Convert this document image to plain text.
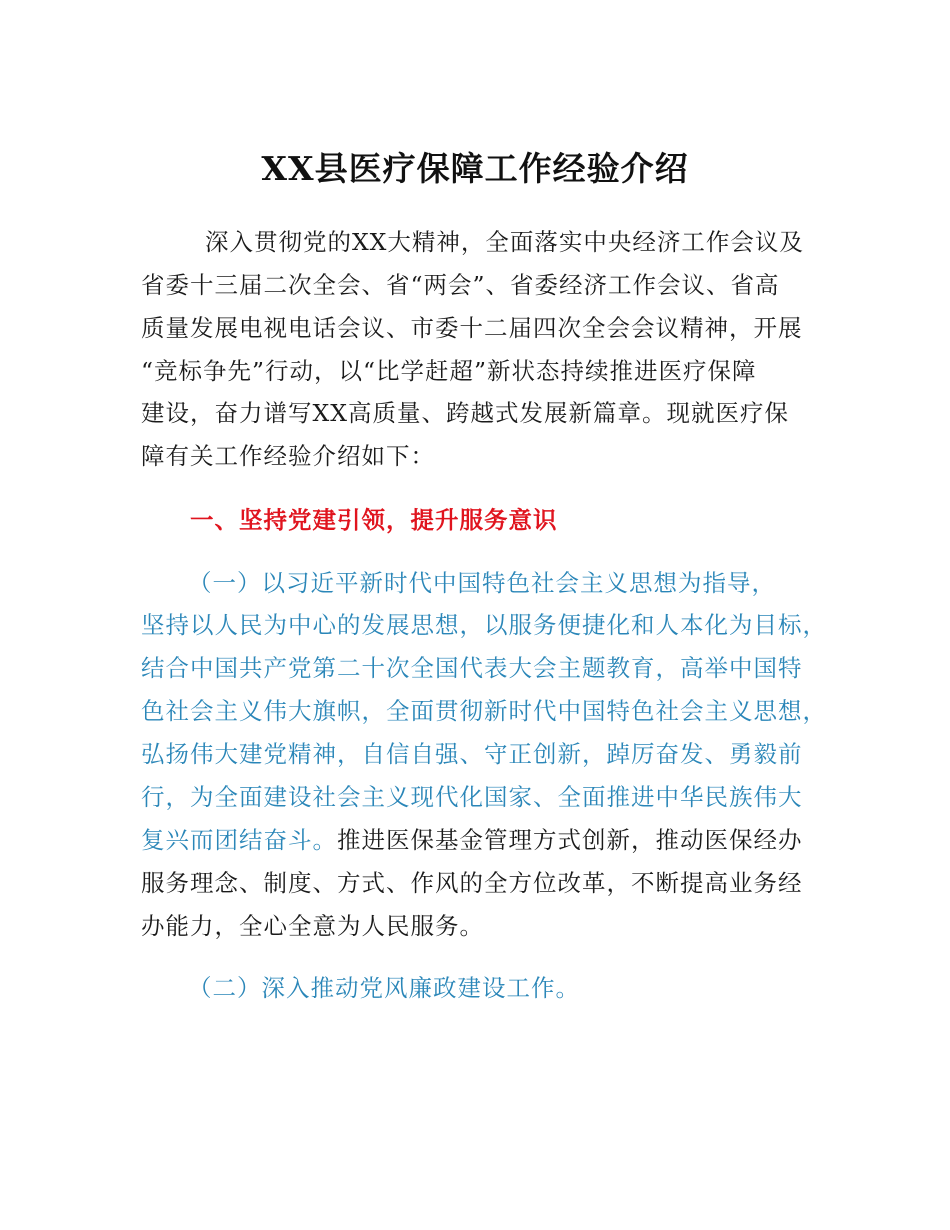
XX县医疗保障工作经验介绍

深入贯彻党的XX大精神，全面落实中央经济工作会议及

省委十三届二次全会、省“两会”、省委经济工作会议、省高

质量发展电视电话会议、市委十二届四次全会会议精神，开展

“竞标争先”行动，以“比学赶超”新状态持续推进医疗保障

建设，奋力谱写XX高质量、跨越式发展新篇章。现就医疗保

障有关工作经验介绍如下：

一、坚持党建引领，提升服务意识

（一）以习近平新时代中国特色社会主义思想为指导，

坚持以人民为中心的发展思想，以服务便捷化和人本化为目标，

结合中国共产党第二十次全国代表大会主题教育，高举中国特

色社会主义伟大旗帜，全面贯彻新时代中国特色社会主义思想，

弘扬伟大建党精神，自信自强、守正创新，踔厉奋发、勇毅前

行，为全面建设社会主义现代化国家、全面推进中华民族伟大

复兴而团结奋斗。推进医保基金管理方式创新，推动医保经办

服务理念、制度、方式、作风的全方位改革，不断提高业务经

办能力，全心全意为人民服务。

（二）深入推动党风廉政建设工作。
